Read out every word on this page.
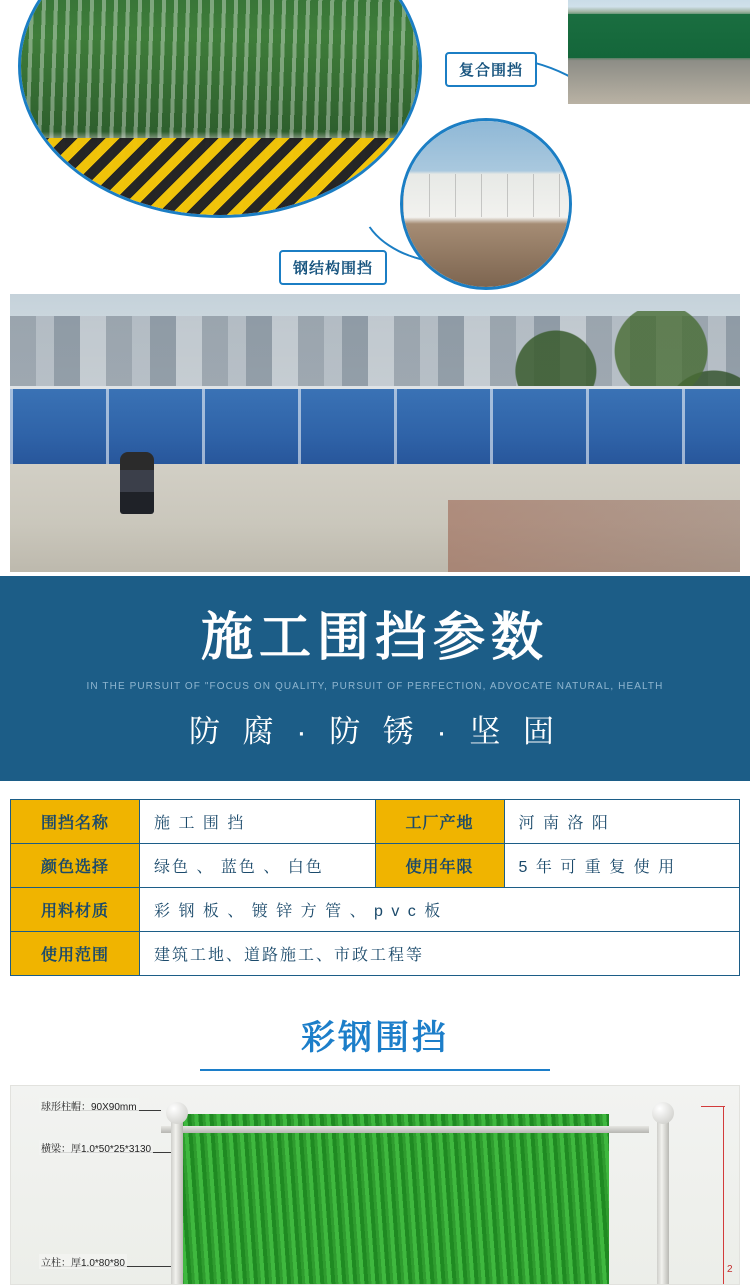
复合围挡
钢结构围挡
施工围挡参数
IN THE PURSUIT OF "FOCUS ON QUALITY, PURSUIT OF PERFECTION, ADVOCATE NATURAL, HEALTH
防 腐 · 防 锈 · 坚 固
围挡名称	施 工 围 挡	工厂产地	河 南 洛 阳
颜色选择	绿色 、 蓝色 、 白色	使用年限	5 年 可 重 复 使 用
用料材质	彩 钢 板 、 镀 锌 方 管 、 p v c 板		
使用范围	建筑工地、道路施工、市政工程等		
彩钢围挡
球形柱帽：90X90mm
横梁：厚1.0*50*25*3130
立柱：厚1.0*80*80
2
